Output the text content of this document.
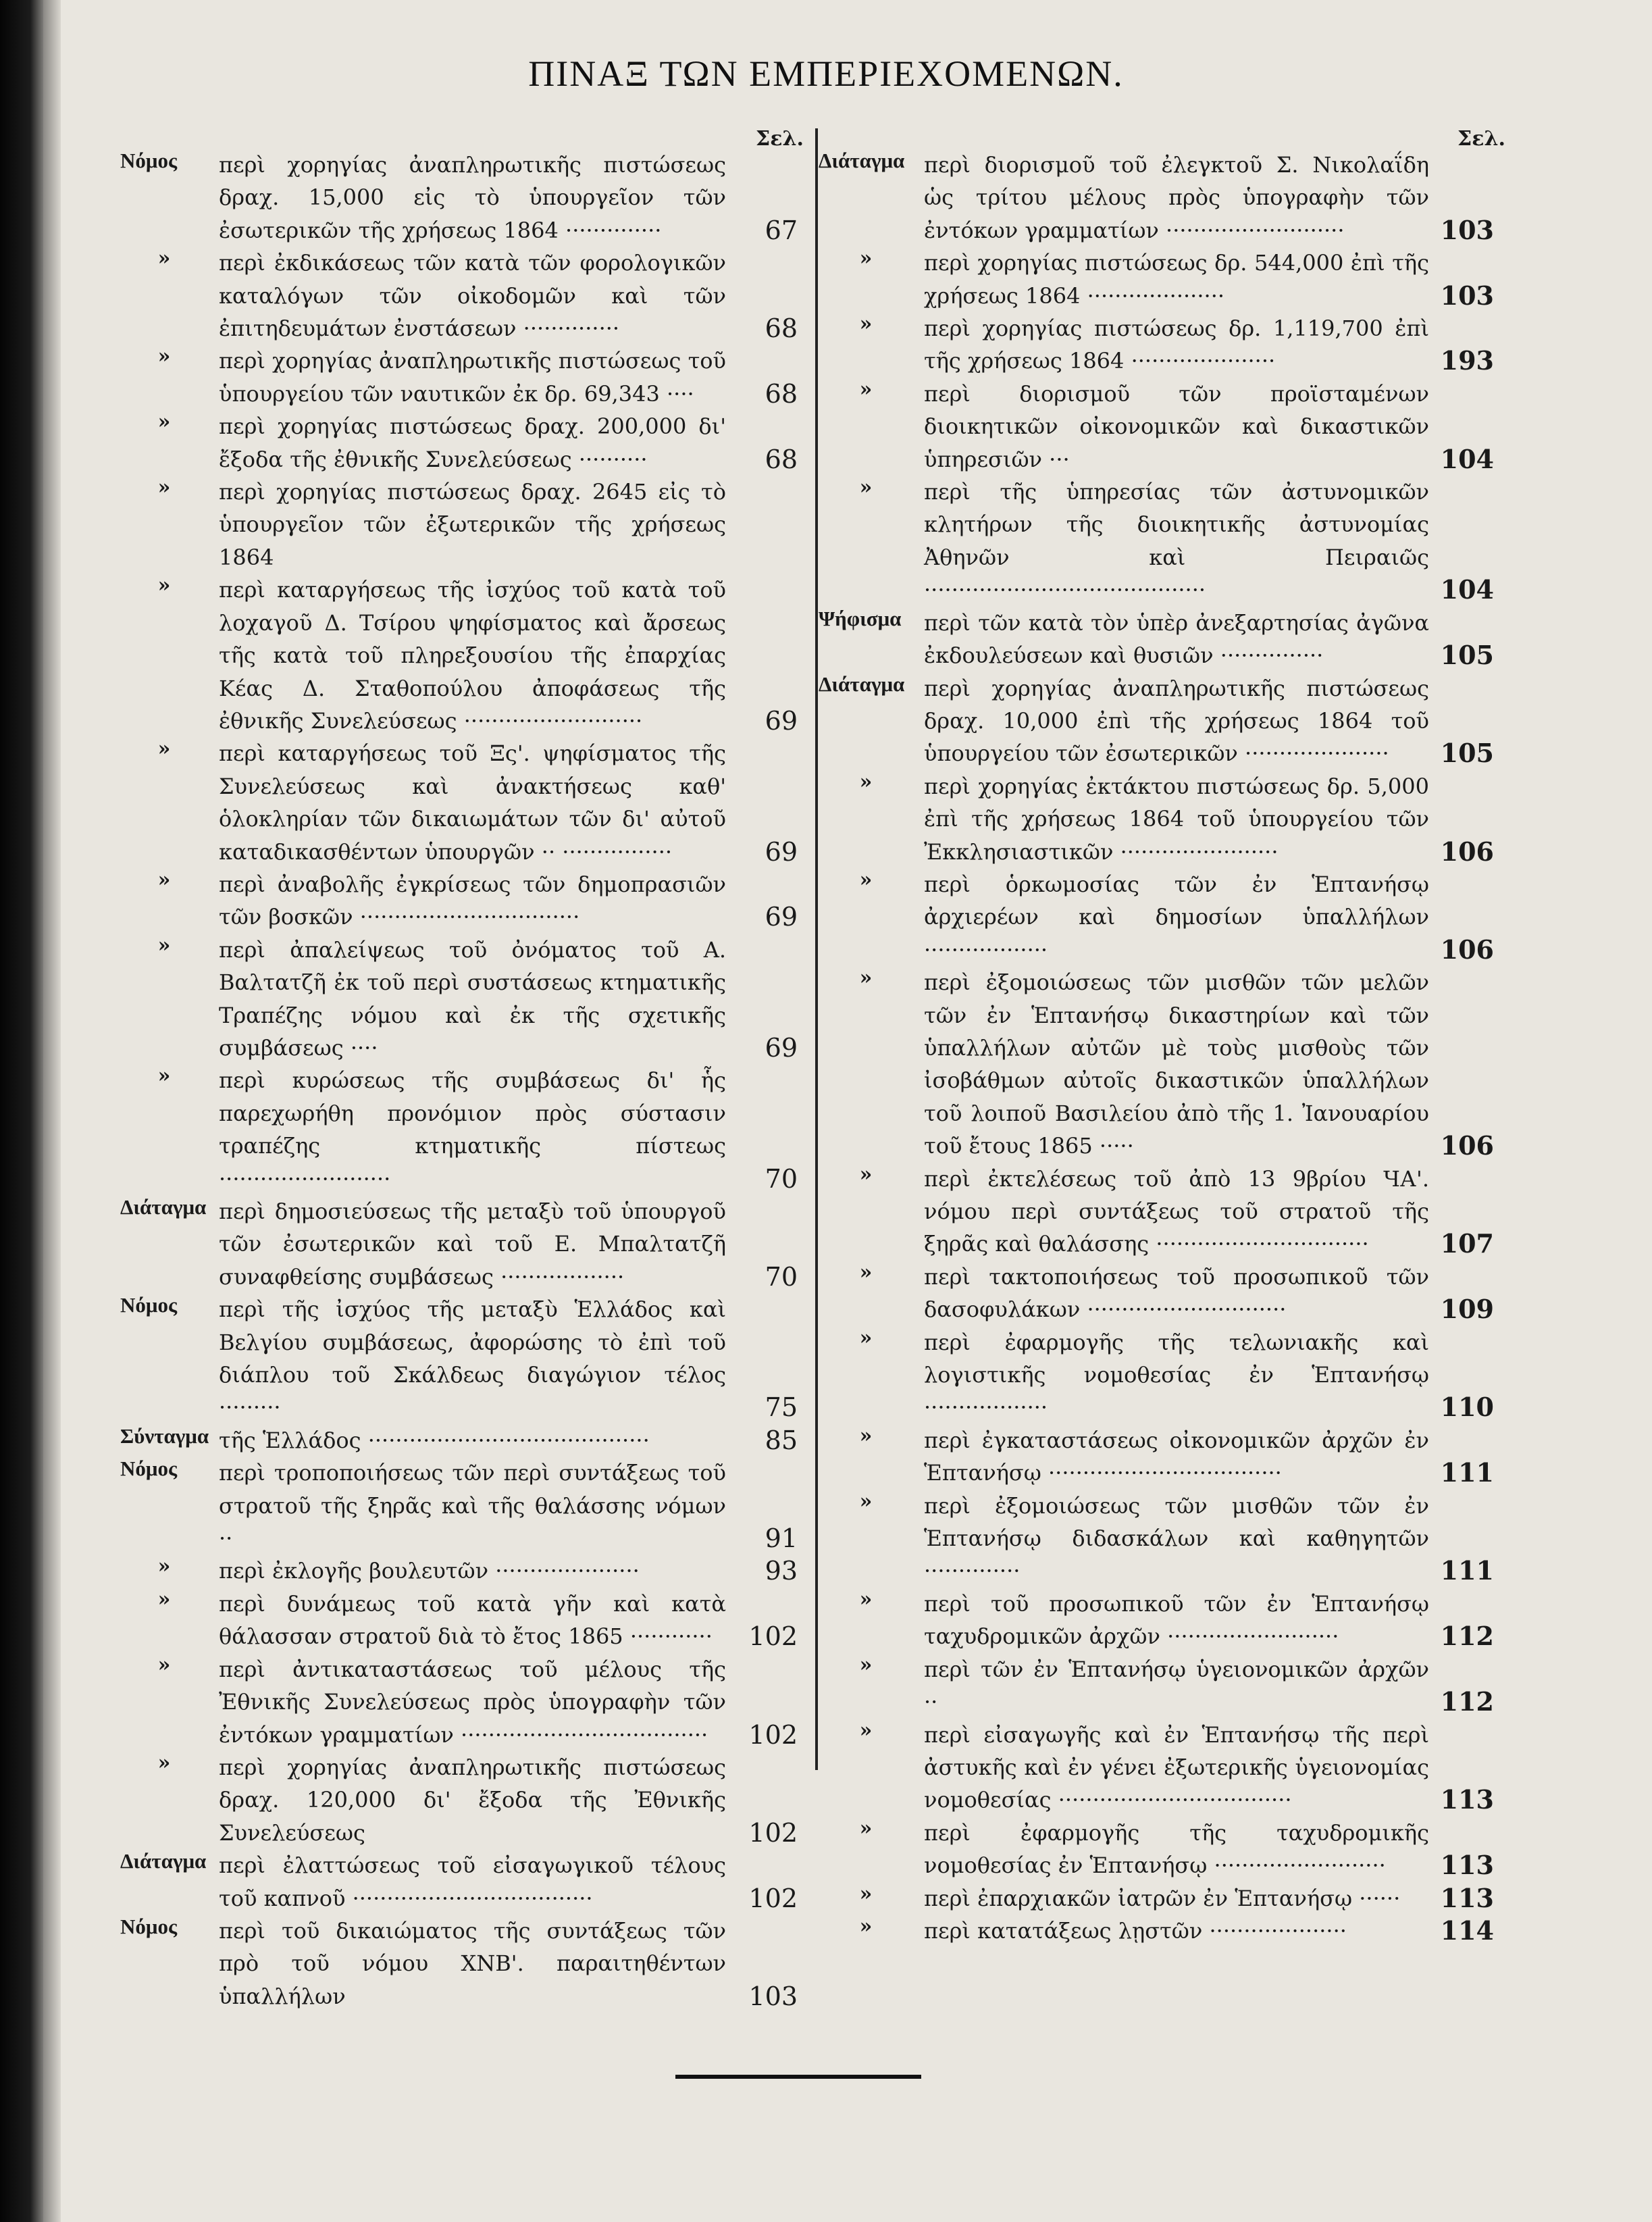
ΠΙΝΑΞ ΤΩΝ ΕΜΠΕΡΙΕΧΟΜΕΝΩΝ.
Σελ.	Σελ.
Νόμος	περὶ χορηγίας ἀναπληρωτικῆς πιστώσεως δραχ. 15,000 εἰς τὸ ὑπουργεῖον τῶν ἐσωτερικῶν τῆς χρήσεως 1864 ··············	67
»	περὶ ἐκδικάσεως τῶν κατὰ τῶν φορολογικῶν καταλόγων τῶν οἰκοδομῶν καὶ τῶν ἐπιτηδευμάτων ἐνστάσεων ··············	68
»	περὶ χορηγίας ἀναπληρωτικῆς πιστώσεως τοῦ ὑπουργείου τῶν ναυτικῶν ἐκ δρ. 69,343 ····	68
»	περὶ χορηγίας πιστώσεως δραχ. 200,000 δι' ἔξοδα τῆς ἐθνικῆς Συνελεύσεως ··········	68
»	περὶ χορηγίας πιστώσεως δραχ. 2645 εἰς τὸ ὑπουργεῖον τῶν ἐξωτερικῶν τῆς χρήσεως 1864
»	περὶ καταργήσεως τῆς ἰσχύος τοῦ κατὰ τοῦ λοχαγοῦ Δ. Τσίρου ψηφίσματος καὶ ἄρσεως τῆς κατὰ τοῦ πληρεξουσίου τῆς ἐπαρχίας Κέας Δ. Σταθοπούλου ἀποφάσεως τῆς ἐθνικῆς Συνελεύσεως ··························	69
»	περὶ καταργήσεως τοῦ Ξς'. ψηφίσματος τῆς Συνελεύσεως καὶ ἀνακτήσεως καθ' ὁλοκληρίαν τῶν δικαιωμάτων τῶν δι' αὐτοῦ καταδικασθέντων ὑπουργῶν ·· ················	69
»	περὶ ἀναβολῆς ἐγκρίσεως τῶν δημοπρασιῶν τῶν βοσκῶν ································	69
»	περὶ ἀπαλείψεως τοῦ ὀνόματος τοῦ Α. Βαλτατζῆ ἐκ τοῦ περὶ συστάσεως κτηματικῆς Τραπέζης νόμου καὶ ἐκ τῆς σχετικῆς συμβάσεως ····	69
»	περὶ κυρώσεως τῆς συμβάσεως δι' ἧς παρεχωρήθη προνόμιον πρὸς σύστασιν τραπέζης κτηματικῆς πίστεως ·························	70
Διάταγμα περὶ δημοσιεύσεως τῆς μεταξὺ τοῦ ὑπουργοῦ τῶν ἐσωτερικῶν καὶ τοῦ Ε. Μπαλτατζῆ συναφθείσης συμβάσεως ··················	70
Νόμος	περὶ τῆς ἰσχύος τῆς μεταξὺ Ἑλλάδος καὶ Βελγίου συμβάσεως, ἀφορώσης τὸ ἐπὶ τοῦ διάπλου τοῦ Σκάλδεως διαγώγιον τέλος ·········	75
Σύνταγμα τῆς Ἑλλάδος ·········································	85
Νόμος	περὶ τροποποιήσεως τῶν περὶ συντάξεως τοῦ στρατοῦ τῆς ξηρᾶς καὶ τῆς θαλάσσης νόμων ··	91
»	περὶ ἐκλογῆς βουλευτῶν ·····················	93
»	περὶ δυνάμεως τοῦ κατὰ γῆν καὶ κατὰ θάλασσαν στρατοῦ διὰ τὸ ἔτος 1865 ············	102
»	περὶ ἀντικαταστάσεως τοῦ μέλους τῆς Ἐθνικῆς Συνελεύσεως πρὸς ὑπογραφὴν τῶν ἐντόκων γραμματίων ····································	102
»	περὶ χορηγίας ἀναπληρωτικῆς πιστώσεως δραχ. 120,000 δι' ἔξοδα τῆς Ἐθνικῆς Συνελεύσεως	102
Διάταγμα περὶ ἐλαττώσεως τοῦ εἰσαγωγικοῦ τέλους τοῦ καπνοῦ ···································	102
Νόμος	περὶ τοῦ δικαιώματος τῆς συντάξεως τῶν πρὸ τοῦ νόμου ΧΝΒ'. παραιτηθέντων ὑπαλλήλων	103
Διάταγμα περὶ διορισμοῦ τοῦ ἐλεγκτοῦ Σ. Νικολαΐδη ὡς τρίτου μέλους πρὸς ὑπογραφὴν τῶν ἐντόκων γραμματίων ··························	103
»	περὶ χορηγίας πιστώσεως δρ. 544,000 ἐπὶ τῆς χρήσεως 1864 ····················	103
»	περὶ χορηγίας πιστώσεως δρ. 1,119,700 ἐπὶ τῆς χρήσεως 1864 ·····················	193
»	περὶ διορισμοῦ τῶν προϊσταμένων διοικητικῶν οἰκονομικῶν καὶ δικαστικῶν ὑπηρεσιῶν ···	104
»	περὶ τῆς ὑπηρεσίας τῶν ἀστυνομικῶν κλητήρων τῆς διοικητικῆς ἀστυνομίας Ἀθηνῶν καὶ Πειραιῶς ·········································	104
Ψήφισμα	περὶ τῶν κατὰ τὸν ὑπὲρ ἀνεξαρτησίας ἀγῶνα ἐκδουλεύσεων καὶ θυσιῶν ···············	105
Διάταγμα περὶ χορηγίας ἀναπληρωτικῆς πιστώσεως δραχ. 10,000 ἐπὶ τῆς χρήσεως 1864 τοῦ ὑπουργείου τῶν ἐσωτερικῶν ·····················	105
»	περὶ χορηγίας ἐκτάκτου πιστώσεως δρ. 5,000 ἐπὶ τῆς χρήσεως 1864 τοῦ ὑπουργείου τῶν Ἐκκλησιαστικῶν ·······················	106
»	περὶ ὁρκωμοσίας τῶν ἐν Ἑπτανήσῳ ἀρχιερέων καὶ δημοσίων ὑπαλλήλων ··················	106
»	περὶ ἐξομοιώσεως τῶν μισθῶν τῶν μελῶν τῶν ἐν Ἑπτανήσῳ δικαστηρίων καὶ τῶν ὑπαλλήλων αὐτῶν μὲ τοὺς μισθοὺς τῶν ἰσοβάθμων αὐτοῖς δικαστικῶν ὑπαλλήλων τοῦ λοιποῦ Βασιλείου ἀπὸ τῆς 1. Ἰανουαρίου τοῦ ἔτους 1865 ·····	106
»	περὶ ἐκτελέσεως τοῦ ἀπὸ 13 9βρίου ЧА'. νόμου περὶ συντάξεως τοῦ στρατοῦ τῆς ξηρᾶς καὶ θαλάσσης ·······························	107
»	περὶ τακτοποιήσεως τοῦ προσωπικοῦ τῶν δασοφυλάκων ·····························	109
»	περὶ ἐφαρμογῆς τῆς τελωνιακῆς καὶ λογιστικῆς νομοθεσίας ἐν Ἑπτανήσῳ ··················	110
»	περὶ ἐγκαταστάσεως οἰκονομικῶν ἀρχῶν ἐν Ἑπτανήσῳ ··································	111
»	περὶ ἐξομοιώσεως τῶν μισθῶν τῶν ἐν Ἑπτανήσῳ διδασκάλων καὶ καθηγητῶν ··············	111
»	περὶ τοῦ προσωπικοῦ τῶν ἐν Ἑπτανήσῳ ταχυδρομικῶν ἀρχῶν ·························	112
»	περὶ τῶν ἐν Ἑπτανήσῳ ὑγειονομικῶν ἀρχῶν ··	112
»	περὶ εἰσαγωγῆς καὶ ἐν Ἑπτανήσῳ τῆς περὶ ἀστυκῆς καὶ ἐν γένει ἐξωτερικῆς ὑγειονομίας νομοθεσίας ··································	113
»	περὶ ἐφαρμογῆς τῆς ταχυδρομικῆς νομοθεσίας ἐν Ἑπτανήσῳ ·························	113
»	περὶ ἐπαρχιακῶν ἰατρῶν ἐν Ἑπτανήσῳ ······	113
»	περὶ κατατάξεως λῃστῶν ····················	114
